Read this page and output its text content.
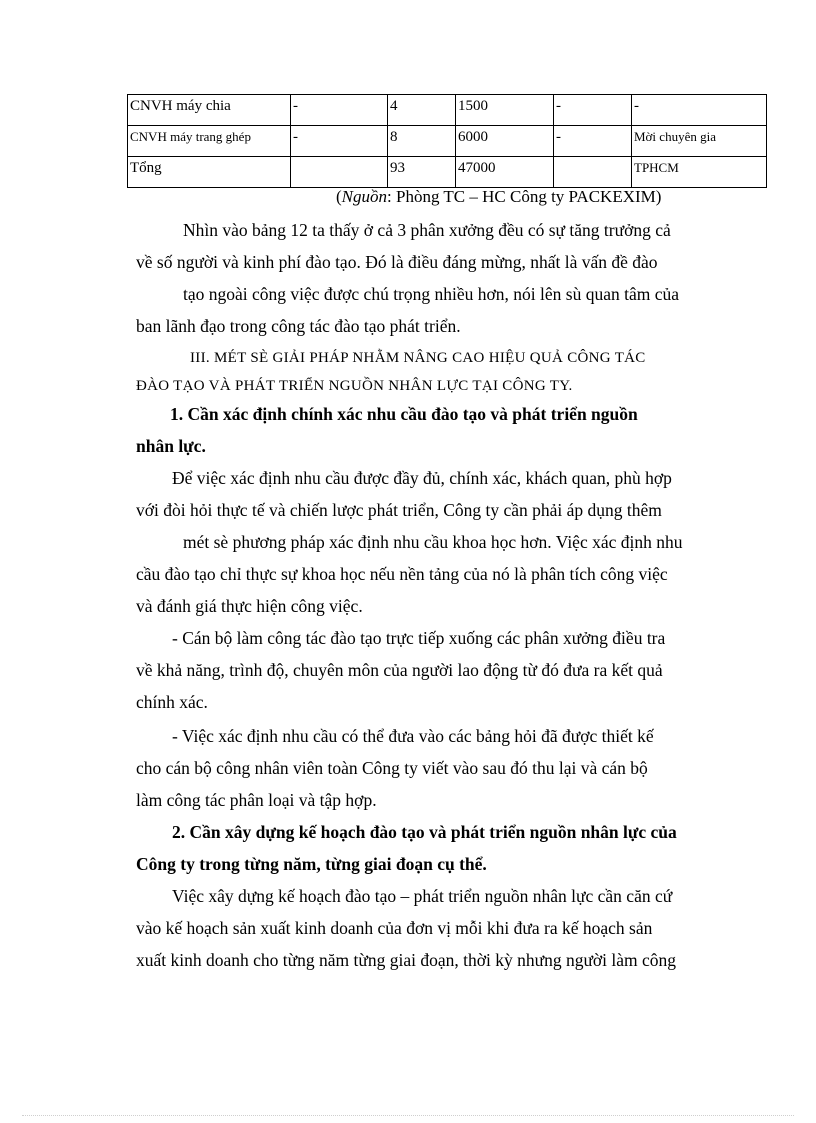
CNVH máy chia	-	4	1500	-	-
CNVH máy trang ghép	-	8	6000	-	Mời chuyên gia
Tổng		93	47000		TPHCM
(Nguồn: Phòng TC – HC Công ty PACKEXIM)
Nhìn vào bảng 12 ta thấy ở cả 3 phân xưởng đều có sự tăng trưởng cả
về số người và kinh phí đào tạo. Đó là điều đáng mừng, nhất là vấn đề đào
tạo ngoài công việc được chú trọng nhiều hơn, nói lên sù quan tâm của
ban lãnh đạo trong công tác đào tạo phát triển.
III. MÉT SÈ GIẢI PHÁP NHẰM NÂNG CAO HIỆU QUẢ CÔNG TÁC
ĐÀO TẠO VÀ PHÁT TRIỂN NGUỒN NHÂN LỰC TẠI CÔNG TY.
1. Cần xác định chính xác nhu cầu đào tạo và phát triển nguồn
nhân lực.
Để việc xác định nhu cầu được đầy đủ, chính xác, khách quan, phù hợp
với đòi hỏi thực tế và chiến lược phát triển, Công ty cần phải áp dụng thêm
mét sè phương pháp xác định nhu cầu khoa học hơn. Việc xác định nhu
cầu đào tạo chỉ thực sự khoa học nếu nền tảng của nó là phân tích công việc
và đánh giá thực hiện công việc.
- Cán bộ làm công tác đào tạo trực tiếp xuống các phân xưởng điều tra
về khả năng, trình độ, chuyên môn của người lao động từ đó đưa ra kết quả
chính xác.
- Việc xác định nhu cầu có thể đưa vào các bảng hỏi đã được thiết kế
cho cán bộ công nhân viên toàn Công ty viết vào sau đó thu lại và cán bộ
làm công tác phân loại và tập hợp.
2. Cần xây dựng kế hoạch đào tạo và phát triển nguồn nhân lực của
Công ty trong từng năm, từng giai đoạn cụ thể.
Việc xây dựng kế hoạch đào tạo – phát triển nguồn nhân lực cần căn cứ
vào kế hoạch sản xuất kinh doanh của đơn vị mỗi khi đưa ra kế hoạch sản
xuất kinh doanh cho từng năm từng giai đoạn, thời kỳ nhưng người làm công
